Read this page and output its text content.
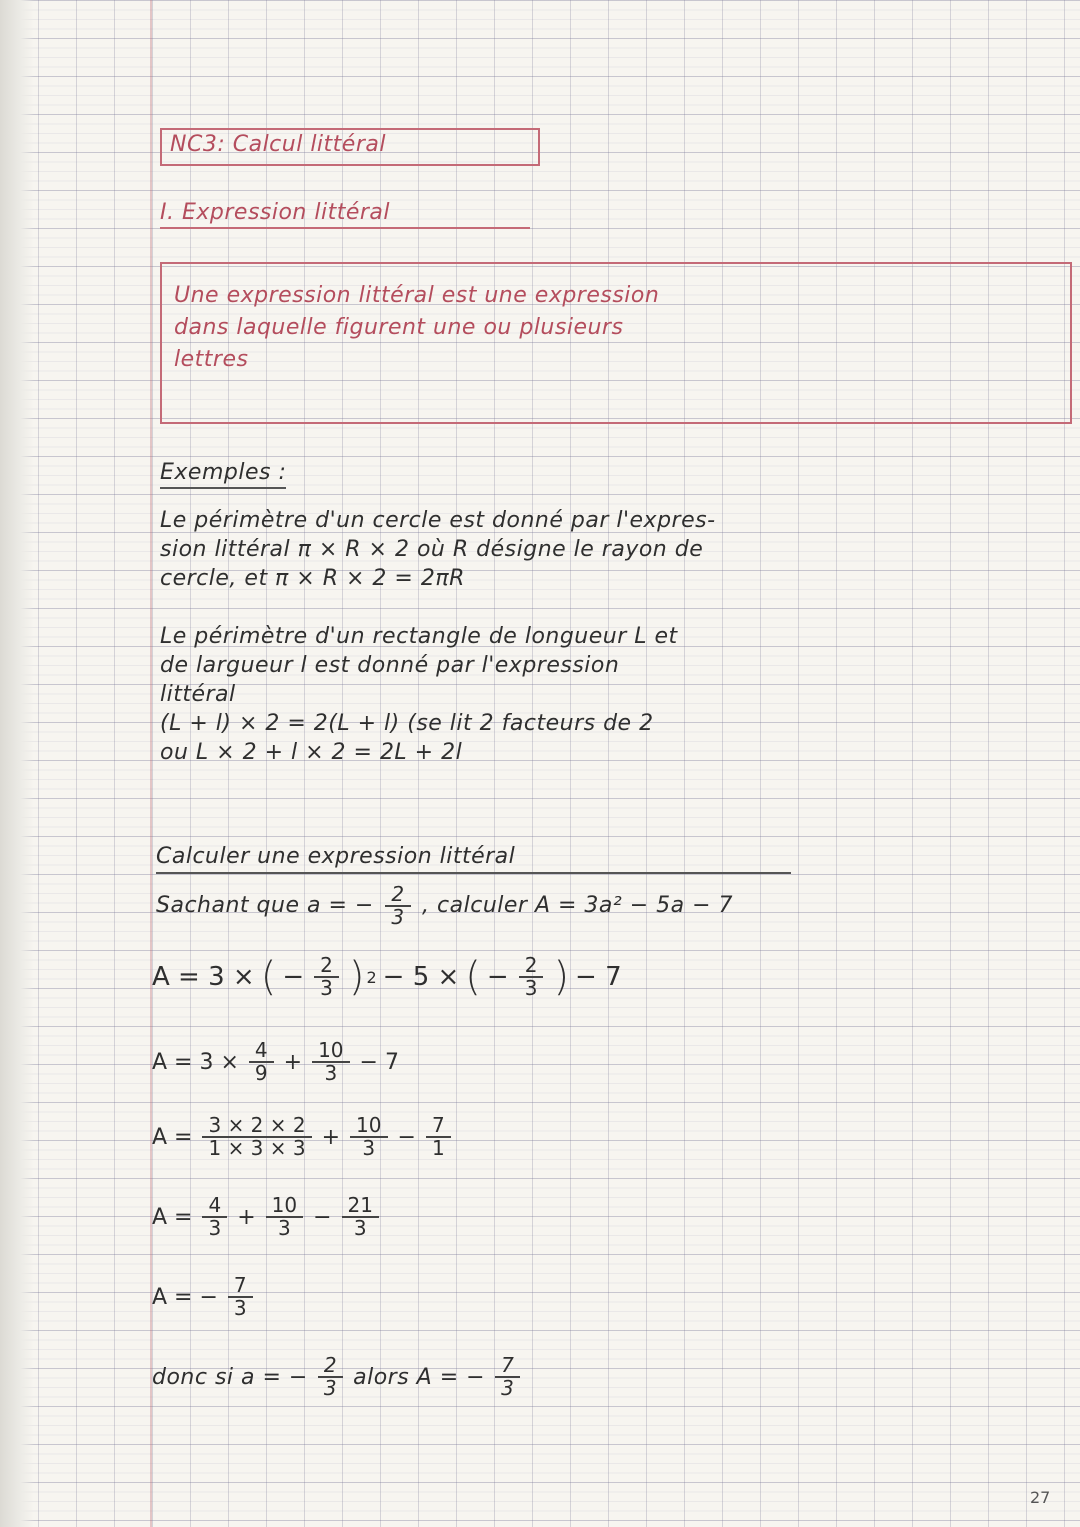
NC3: Calcul littéral
I. Expression littéral
Une expression littéral est une expression
dans laquelle figurent une ou plusieurs
lettres
Exemples :
Le périmètre d'un cercle est donné par l'expres-
sion littéral π × R × 2 où R désigne le rayon de
cercle, et π × R × 2 = 2πR
Le périmètre d'un rectangle de longueur L et
de largueur l est donné par l'expression
littéral
(L + l) × 2 = 2(L + l) (se lit 2 facteurs de 2
ou L × 2 + l × 2 = 2L + 2l
Calculer une expression littéral
Sachant que a = − $\frac{2}{3}$ , calculer A = 3a² − 5a − 7
A = 3 × ( − $\frac{2}{3}$ ) 2 − 5 × ( − $\frac{2}{3}$ ) − 7
$A = 3 \times \frac{4}{9} + \frac{10}{3} - 7$
$A = \frac{3 \times 2 \times 2}{1 \times 3 \times 3} + \frac{10}{3} - \frac{7}{1}$
$A = \frac{4}{3} + \frac{10}{3} - \frac{21}{3}$
A = − $\frac{7}{3}$
donc si a = − $\frac{2}{3}$ alors A = − $\frac{7}{3}$
27
